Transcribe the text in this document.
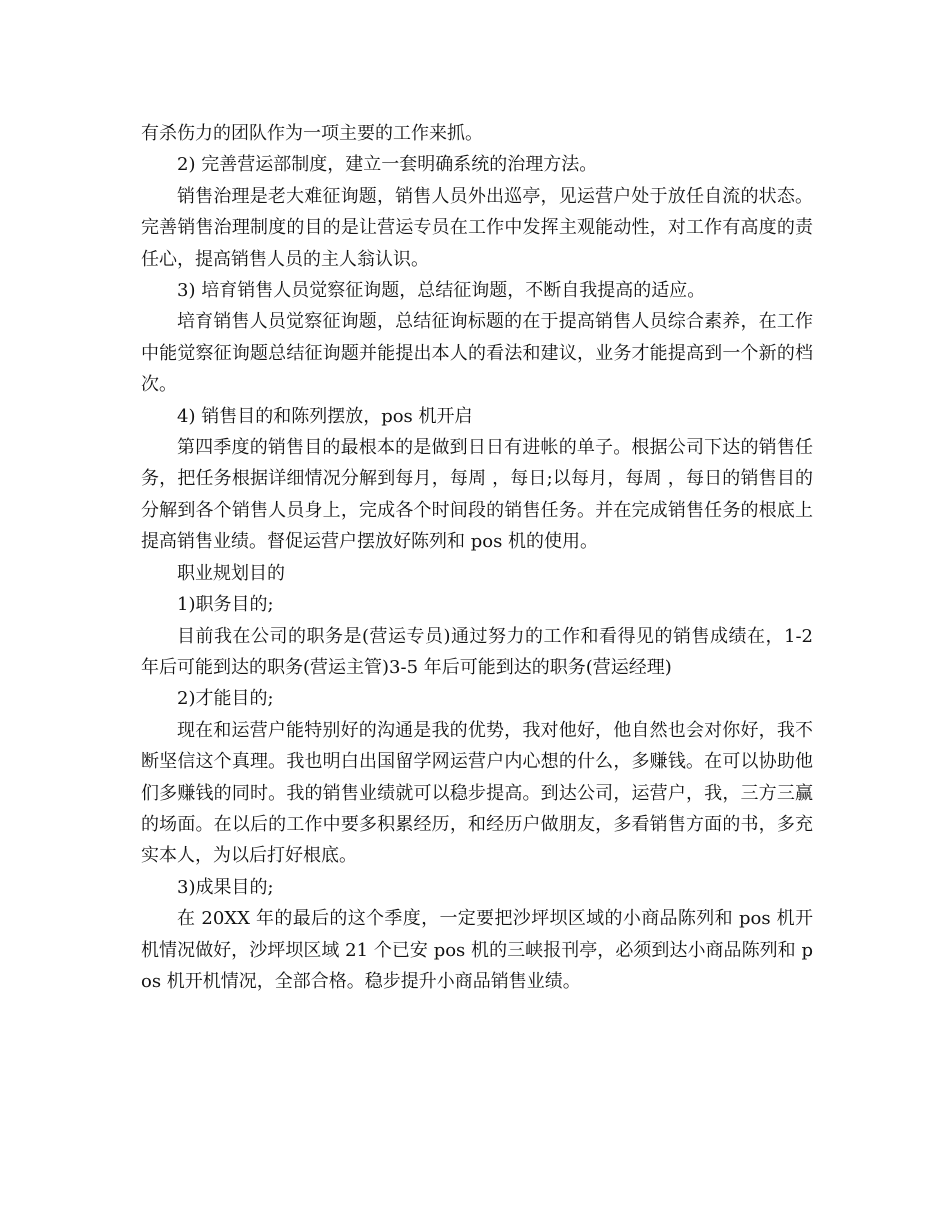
有杀伤力的团队作为一项主要的工作来抓。

2) 完善营运部制度，建立一套明确系统的治理方法。

销售治理是老大难征询题，销售人员外出巡亭，见运营户处于放任自流的状态。完善销售治理制度的目的是让营运专员在工作中发挥主观能动性，对工作有高度的责任心，提高销售人员的主人翁认识。

3) 培育销售人员觉察征询题，总结征询题，不断自我提高的适应。

培育销售人员觉察征询题，总结征询标题的在于提高销售人员综合素养，在工作中能觉察征询题总结征询题并能提出本人的看法和建议，业务才能提高到一个新的档次。

4) 销售目的和陈列摆放，pos 机开启

第四季度的销售目的最根本的是做到日日有进帐的单子。根据公司下达的销售任务，把任务根据详细情况分解到每月，每周 ，每日;以每月，每周 ，每日的销售目的分解到各个销售人员身上，完成各个时间段的销售任务。并在完成销售任务的根底上提高销售业绩。督促运营户摆放好陈列和 pos 机的使用。

职业规划目的

1)职务目的;

目前我在公司的职务是(营运专员)通过努力的工作和看得见的销售成绩在，1-2 年后可能到达的职务(营运主管)3-5 年后可能到达的职务(营运经理)

2)才能目的;

现在和运营户能特别好的沟通是我的优势，我对他好，他自然也会对你好，我不断坚信这个真理。我也明白出国留学网运营户内心想的什么，多赚钱。在可以协助他们多赚钱的同时。我的销售业绩就可以稳步提高。到达公司，运营户，我，三方三赢的场面。在以后的工作中要多积累经历，和经历户做朋友，多看销售方面的书，多充实本人，为以后打好根底。

3)成果目的;

在 20XX 年的最后的这个季度，一定要把沙坪坝区域的小商品陈列和 pos 机开机情况做好，沙坪坝区域 21 个已安 pos 机的三峡报刊亭，必须到达小商品陈列和 pos 机开机情况，全部合格。稳步提升小商品销售业绩。
